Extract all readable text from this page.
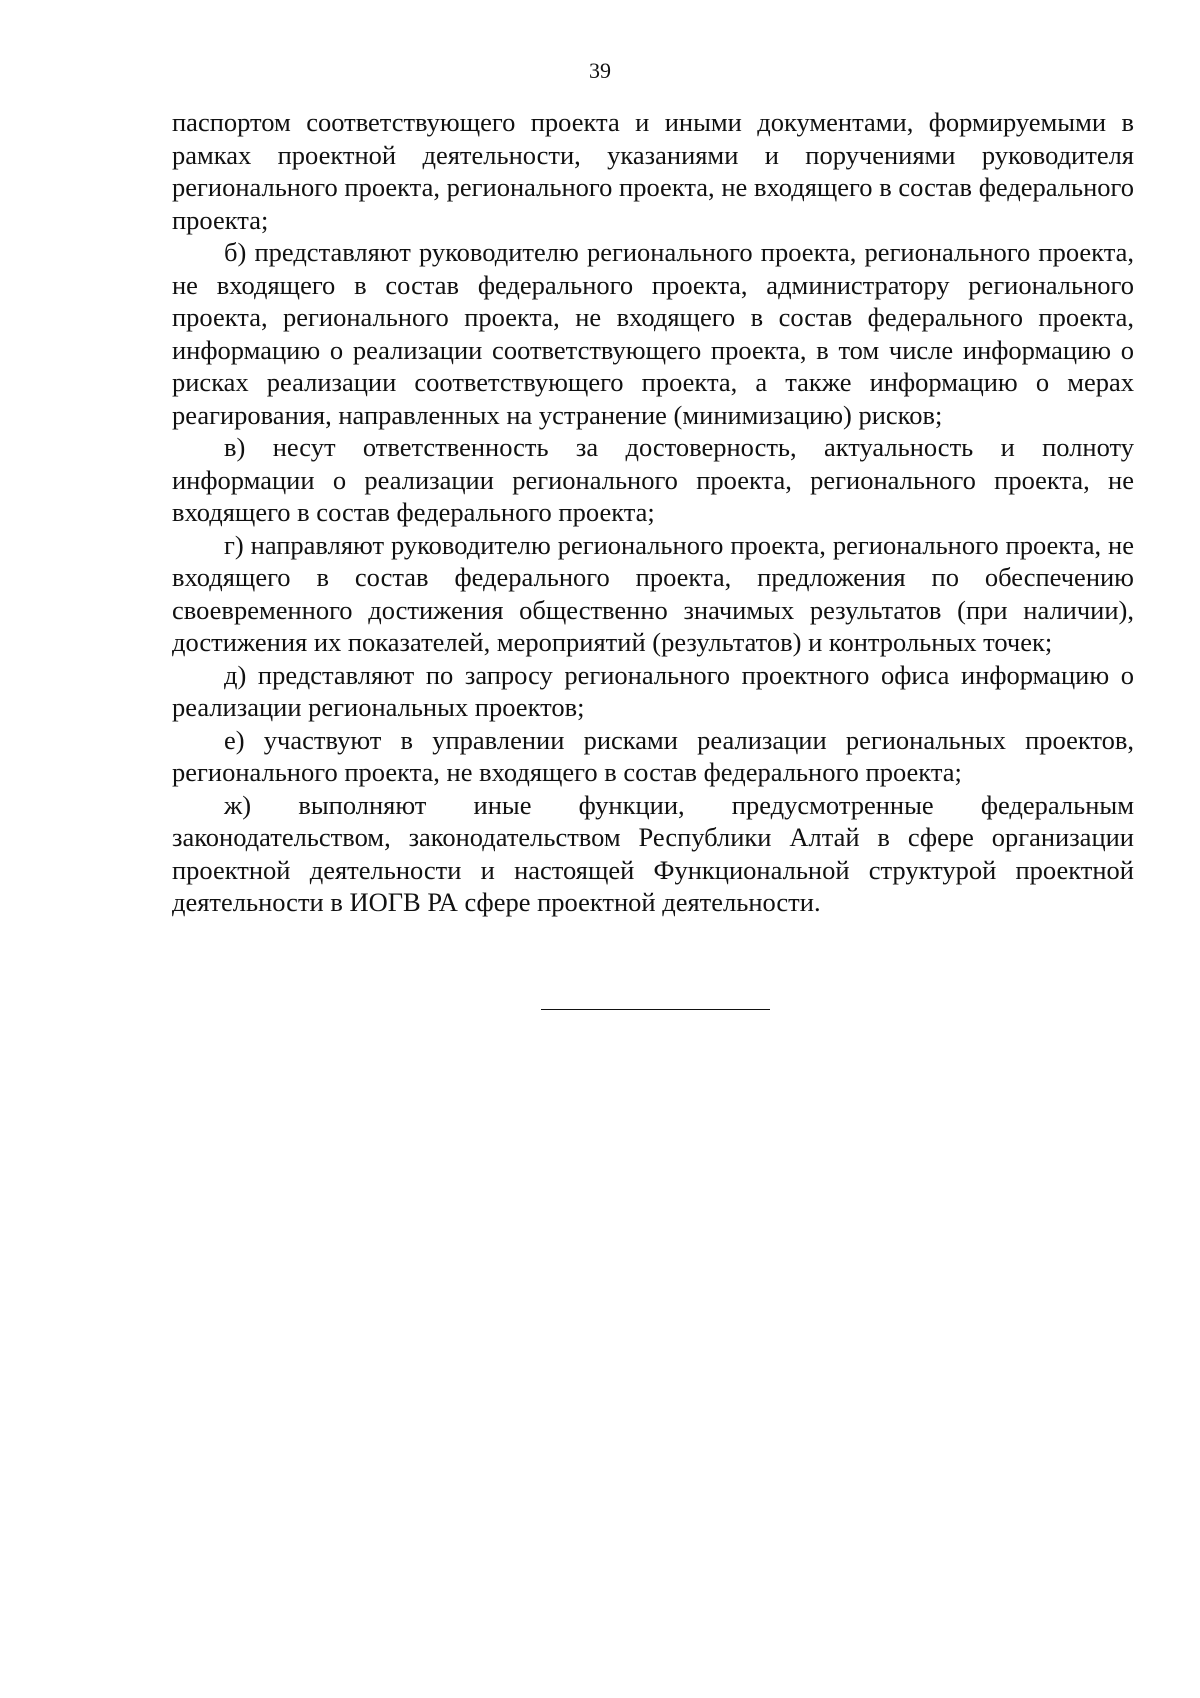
39

паспортом соответствующего проекта и иными документами, формируемыми в рамках проектной деятельности, указаниями и поручениями руководителя регионального проекта, регионального проекта, не входящего в состав федерального проекта;

б) представляют руководителю регионального проекта, регионального проекта, не входящего в состав федерального проекта, администратору регионального проекта, регионального проекта, не входящего в состав федерального проекта, информацию о реализации соответствующего проекта, в том числе информацию о рисках реализации соответствующего проекта, а также информацию о мерах реагирования, направленных на устранение (минимизацию) рисков;

в) несут ответственность за достоверность, актуальность и полноту информации о реализации регионального проекта, регионального проекта, не входящего в состав федерального проекта;

г) направляют руководителю регионального проекта, регионального проекта, не входящего в состав федерального проекта, предложения по обеспечению своевременного достижения общественно значимых результатов (при наличии), достижения их показателей, мероприятий (результатов) и контрольных точек;

д) представляют по запросу регионального проектного офиса информацию о реализации региональных проектов;

е) участвуют в управлении рисками реализации региональных проектов, регионального проекта, не входящего в состав федерального проекта;

ж) выполняют иные функции, предусмотренные федеральным законодательством, законодательством Республики Алтай в сфере организации проектной деятельности и настоящей Функциональной структурой проектной деятельности в ИОГВ РА сфере проектной деятельности.
